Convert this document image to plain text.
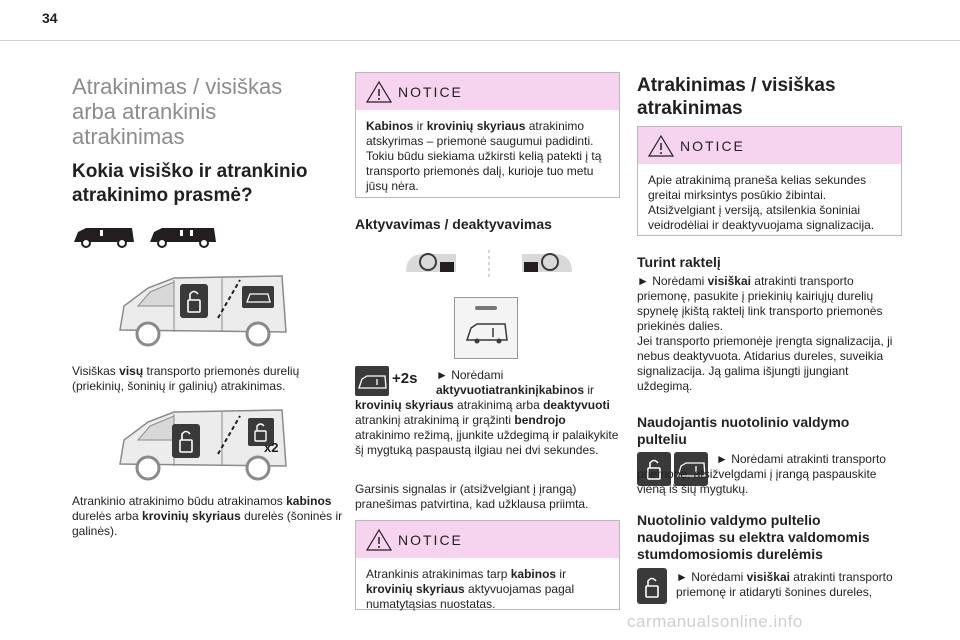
34
Atrakinimas / visiškas
arba atrankinis
atrakinimas
Kokia visiško ir atrankinio
atrakinimo prasmė?
Visiškas visų transporto priemonės durelių (priekinių, šoninių ir galinių) atrakinimas.
x2
Atrankinio atrakinimo būdu atrakinamos kabinos durelės arba krovinių skyriaus durelės (šoninės ir galinės).
NOTICE
Kabinos ir krovinių skyriaus atrakinimo atskyrimas – priemonė saugumui padidinti. Tokiu būdu siekiama užkirsti kelią patekti į tą transporto priemonės dalį, kurioje tuo metu jūsų nėra.
Aktyvavimas / deaktyvavimas
+2s ► Norėdami
aktyvuotiatrankinįkabinos ir krovinių skyriaus atrakinimą arba deaktyvuoti atrankinį atrakinimą ir grąžinti bendrojo atrakinimo režimą, įjunkite uždegimą ir palaikykite šį mygtuką paspaustą ilgiau nei dvi sekundes.
Garsinis signalas ir (atsižvelgiant į įrangą) pranešimas patvirtina, kad užklausa priimta.
NOTICE
Atrankinis atrakinimas tarp kabinos ir krovinių skyriaus aktyvuojamas pagal numatytąsias nuostatas.
Atrakinimas / visiškas
atrakinimas
NOTICE
Apie atrakinimą praneša kelias sekundes greitai mirksintys posūkio žibintai. Atsižvelgiant į versiją, atsilenkia šoniniai veidrodėliai ir deaktyvuojama signalizacija.
Turint raktelį
► Norėdami visiškai atrakinti transporto priemonę, pasukite į priekinių kairiųjų durelių spynelę įkištą raktelį link transporto priemonės priekinės dalies.
Jei transporto priemonėje įrengta signalizacija, ji nebus deaktyvuota. Atidarius dureles, suveikia signalizacija. Ją galima išjungti įjungiant uždegimą.
Naudojantis nuotolinio valdymo
pulteliu
► Norėdami atrakinti transporto priemonę, atsižvelgdami į įrangą paspauskite vieną iš šių mygtukų.
Nuotolinio valdymo pultelio
naudojimas su elektra valdomomis
stumdomosiomis durelėmis
► Norėdami visiškai atrakinti transporto priemonę ir atidaryti šonines dureles,
carmanualsonline.info
